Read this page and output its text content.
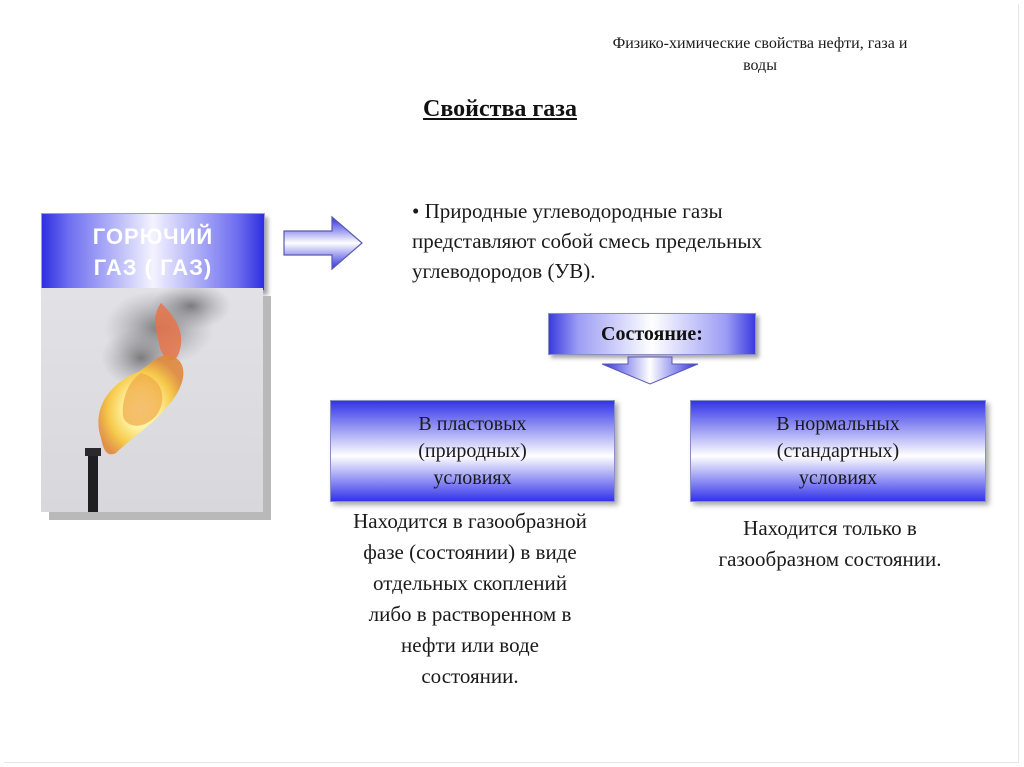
Физико-химические свойства нефти, газа и
воды
Свойства газа
ГОРЮЧИЙ
ГАЗ ( ГАЗ)
• Природные углеводородные газы
представляют собой смесь предельных
углеводородов (УВ).
Состояние:
В пластовых
(природных)
условиях
В нормальных
(стандартных)
условиях
Находится в газообразной
фазе (состоянии) в виде
отдельных скоплений
либо в растворенном в
нефти или воде
состоянии.
Находится только в
газообразном состоянии.
